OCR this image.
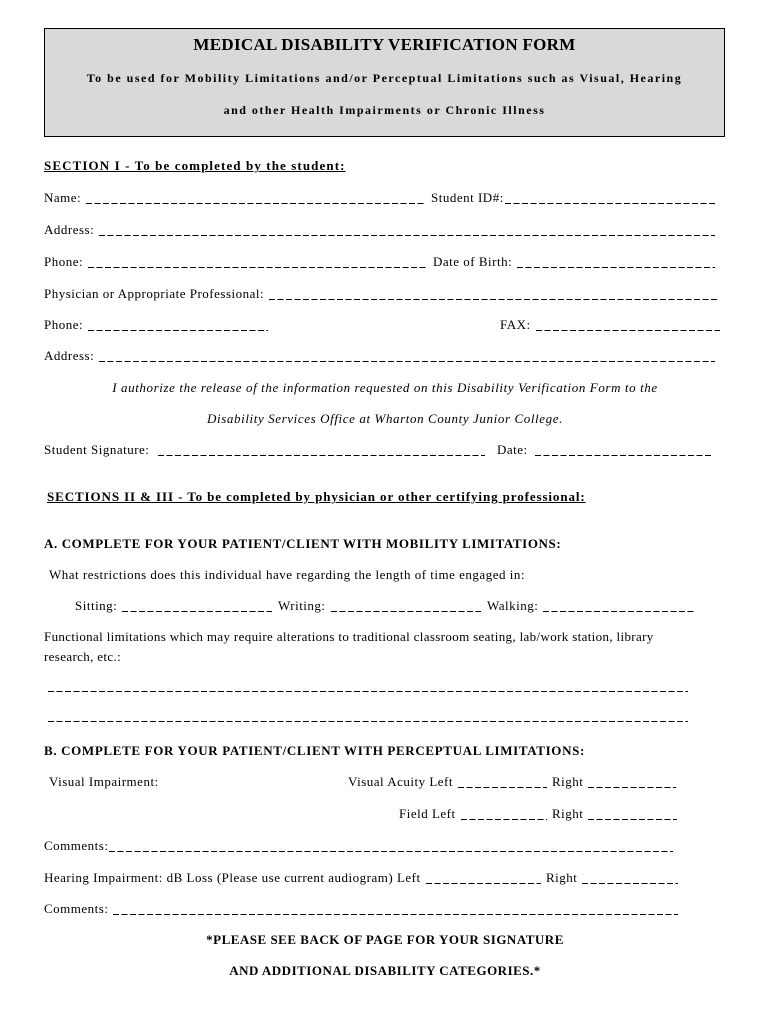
MEDICAL DISABILITY VERIFICATION FORM
To be used for Mobility Limitations and/or Perceptual Limitations such as Visual, Hearing
and other Health Impairments or Chronic Illness
SECTION I - To be completed by the student:
Name:	Student ID#:
Address:
Phone:	Date of Birth:
Physician or Appropriate Professional:
Phone:	FAX:
Address:
I authorize the release of the information requested on this Disability Verification Form to the
Disability Services Office at Wharton County Junior College.
Student Signature:	Date:
SECTIONS II & III - To be completed by physician or other certifying professional:
A. COMPLETE FOR YOUR PATIENT/CLIENT WITH MOBILITY LIMITATIONS:
What restrictions does this individual have regarding the length of time engaged in:
Sitting:	Writing:	Walking:
Functional limitations which may require alterations to traditional classroom seating, lab/work station, library
research, etc.:
B. COMPLETE FOR YOUR PATIENT/CLIENT WITH PERCEPTUAL LIMITATIONS:
Visual Impairment:	Visual Acuity Left	Right
Field Left	Right
Comments:
Hearing Impairment: dB Loss (Please use current audiogram) Left	Right
Comments:
*PLEASE SEE BACK OF PAGE FOR YOUR SIGNATURE
AND ADDITIONAL DISABILITY CATEGORIES.*
